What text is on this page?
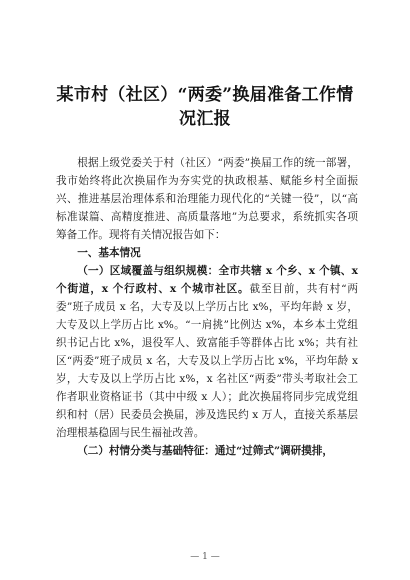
某市村（社区）“两委”换届准备工作情况汇报

根据上级党委关于村（社区）“两委”换届工作的统一部署，我市始终将此次换届作为夯实党的执政根基、赋能乡村全面振兴、推进基层治理体系和治理能力现代化的“关键一役”，以“高标准谋篇、高精度推进、高质量落地”为总要求，系统抓实各项筹备工作。现将有关情况报告如下：

一、基本情况

（一）区域覆盖与组织规模：全市共辖 x 个乡、x 个镇、x 个街道，x 个行政村、x 个城市社区。截至目前，共有村“两委”班子成员 x 名，大专及以上学历占比 x%，平均年龄 x 岁，大专及以上学历占比 x%。“一肩挑”比例达 x%，本乡本土党组织书记占比 x%，退役军人、致富能手等群体占比 x%；共有社区“两委”班子成员 x 名，大专及以上学历占比 x%，平均年龄 x 岁，大专及以上学历占比 x%，x 名社区“两委”带头考取社会工作者职业资格证书（其中中级 x 人）；此次换届将同步完成党组织和村（居）民委员会换届，涉及选民约 x 万人，直接关系基层治理根基稳固与民生福祉改善。

（二）村情分类与基础特征：通过“过筛式”调研摸排，

— 1 —
